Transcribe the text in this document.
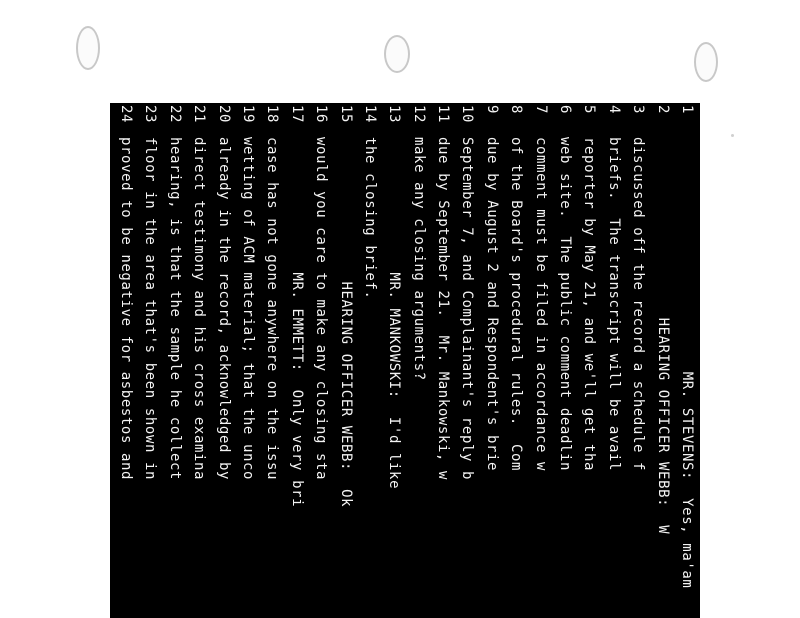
1                          MR. STEVENS:  Yes, ma'am
2                    HEARING OFFICER WEBB:  W
3discussed off the record a schedule f
4briefs.  The transcript will be avail
5reporter by May 21, and we'll get tha
6web site.  The public comment deadlin
7comment must be filed in accordance w
8of the Board's procedural rules.  Com
9due by August 2 and Respondent's brie
10September 7, and Complainant's reply b
11due by September 21.  Mr. Mankowski, w
12make any closing arguments?
13               MR. MANKOWSKI:  I'd like
14the closing brief.
15                HEARING OFFICER WEBB:  Ok
16would you care to make any closing sta
17               MR. EMMETT:  Only very bri
18case has not gone anywhere on the issu
19wetting of ACM material; that the unco
20already in the record, acknowledged by
21direct testimony and his cross examina
22hearing, is that the sample he collect
23floor in the area that's been shown in
24proved to be negative for asbestos and
